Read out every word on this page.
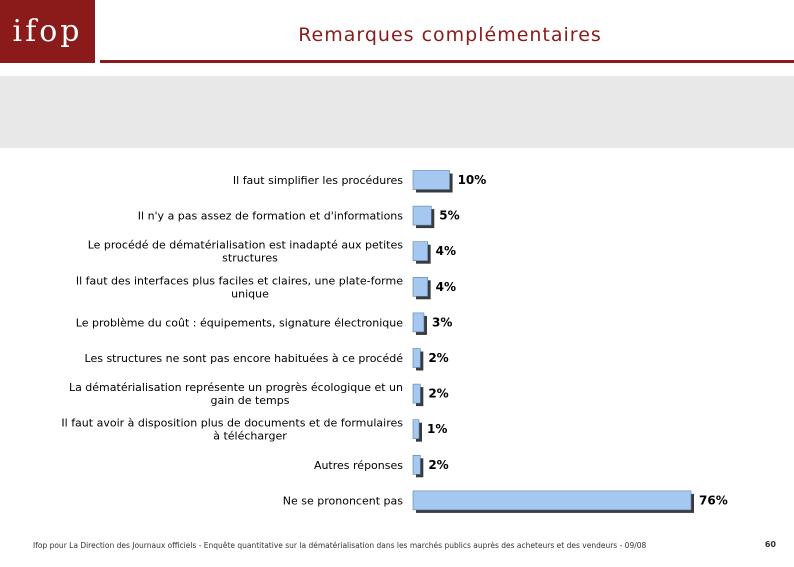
ifop	Remarques complémentaires
10%
Il faut simplifier les procédures
5%
Il n'y a pas assez de formation et d'informations
4%
Le procédé de dématérialisation est inadapté aux petites
structures
4%
Il faut des interfaces plus faciles et claires, une plate-forme
unique
3%
Le problème du coût : équipements, signature électronique
2%
Les structures ne sont pas encore habituées à ce procédé
2%
La dématérialisation représente un progrès écologique et un
gain de temps
1%
Il faut avoir à disposition plus de documents et de formulaires
à télécharger
2%
Autres réponses
76%
Ne se prononcent pas
Ifop pour La Direction des Journaux officiels - Enquête quantitative sur la dématérialisation dans les marchés publics auprès des acheteurs et des vendeurs - 09/08	60
